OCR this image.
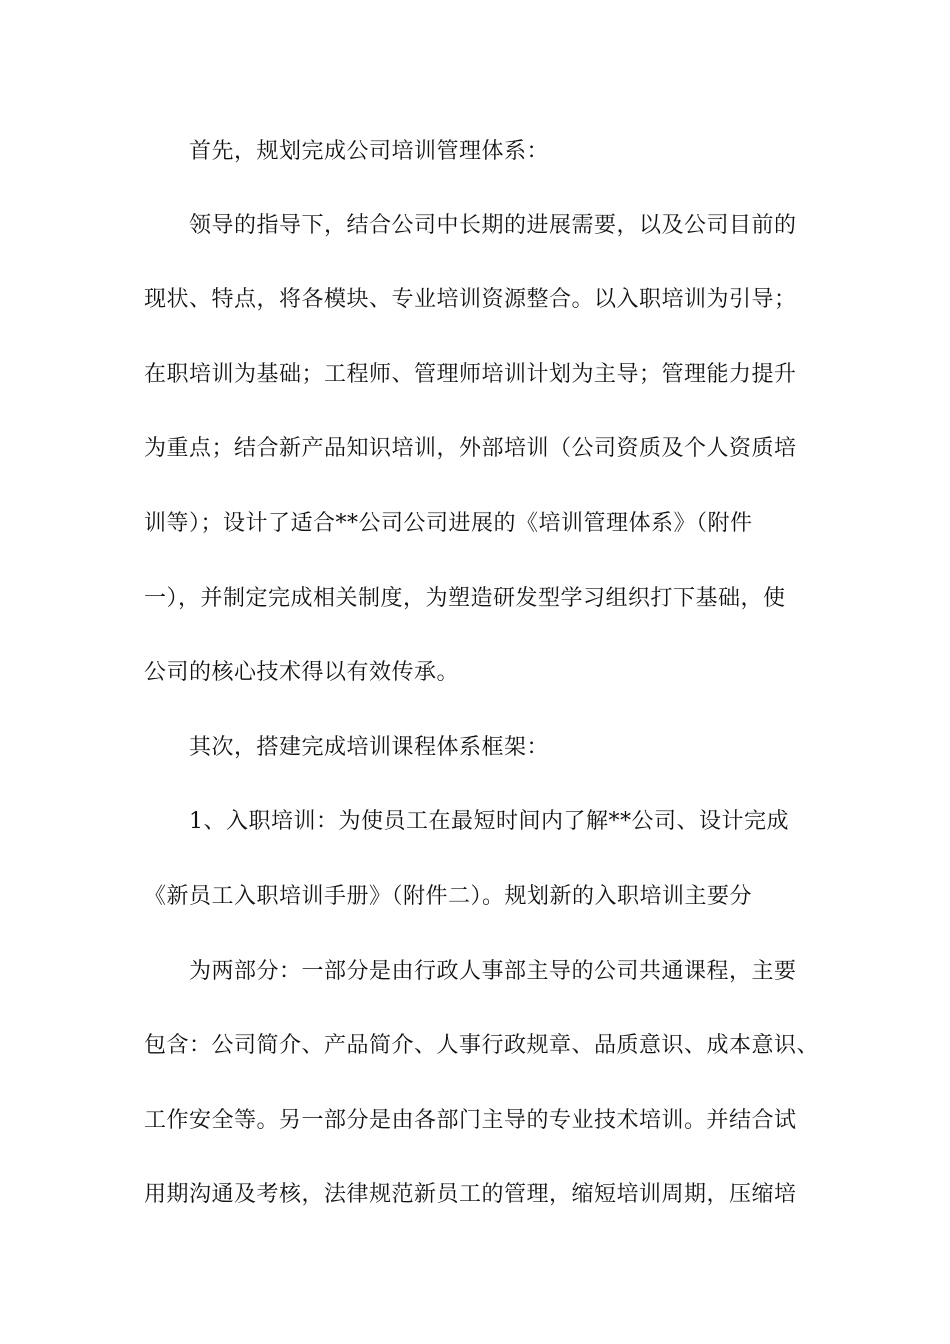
首先，规划完成公司培训管理体系：
领导的指导下，结合公司中长期的进展需要，以及公司目前的
现状、特点，将各模块、专业培训资源整合。以入职培训为引导；
在职培训为基础；工程师、管理师培训计划为主导；管理能力提升
为重点；结合新产品知识培训，外部培训（公司资质及个人资质培
训等）；设计了适合**公司公司进展的《培训管理体系》（附件
一），并制定完成相关制度，为塑造研发型学习组织打下基础，使
公司的核心技术得以有效传承。
其次，搭建完成培训课程体系框架：
1、入职培训：为使员工在最短时间内了解**公司、设计完成
《新员工入职培训手册》（附件二）。规划新的入职培训主要分
为两部分：一部分是由行政人事部主导的公司共通课程，主要
包含：公司简介、产品简介、人事行政规章、品质意识、成本意识、
工作安全等。另一部分是由各部门主导的专业技术培训。并结合试
用期沟通及考核，法律规范新员工的管理，缩短培训周期，压缩培
